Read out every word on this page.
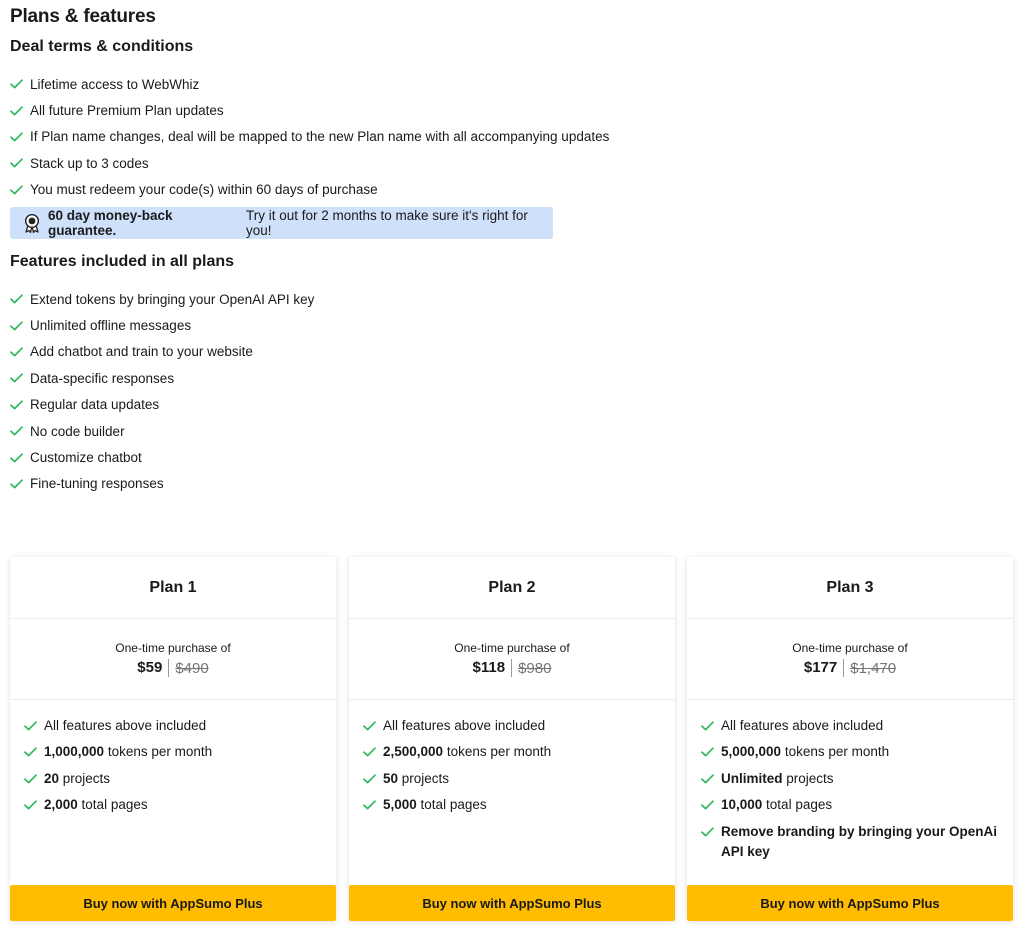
Plans & features
Deal terms & conditions
Lifetime access to WebWhiz
All future Premium Plan updates
If Plan name changes, deal will be mapped to the new Plan name with all accompanying updates
Stack up to 3 codes
You must redeem your code(s) within 60 days of purchase
60 day money-back guarantee.
Try it out for 2 months to make sure it's right for you!
Features included in all plans
Extend tokens by bringing your OpenAI API key
Unlimited offline messages
Add chatbot and train to your website
Data-specific responses
Regular data updates
No code builder
Customize chatbot
Fine-tuning responses
Plan 1
One-time purchase of
$59 $490
All features above included
1,000,000 tokens per month
20 projects
2,000 total pages
Buy now with AppSumo Plus
Plan 2
One-time purchase of
$118 $980
All features above included
2,500,000 tokens per month
50 projects
5,000 total pages
Buy now with AppSumo Plus
Plan 3
One-time purchase of
$177 $1,470
All features above included
5,000,000 tokens per month
Unlimited projects
10,000 total pages
Remove branding by bringing your OpenAi API key
Buy now with AppSumo Plus
